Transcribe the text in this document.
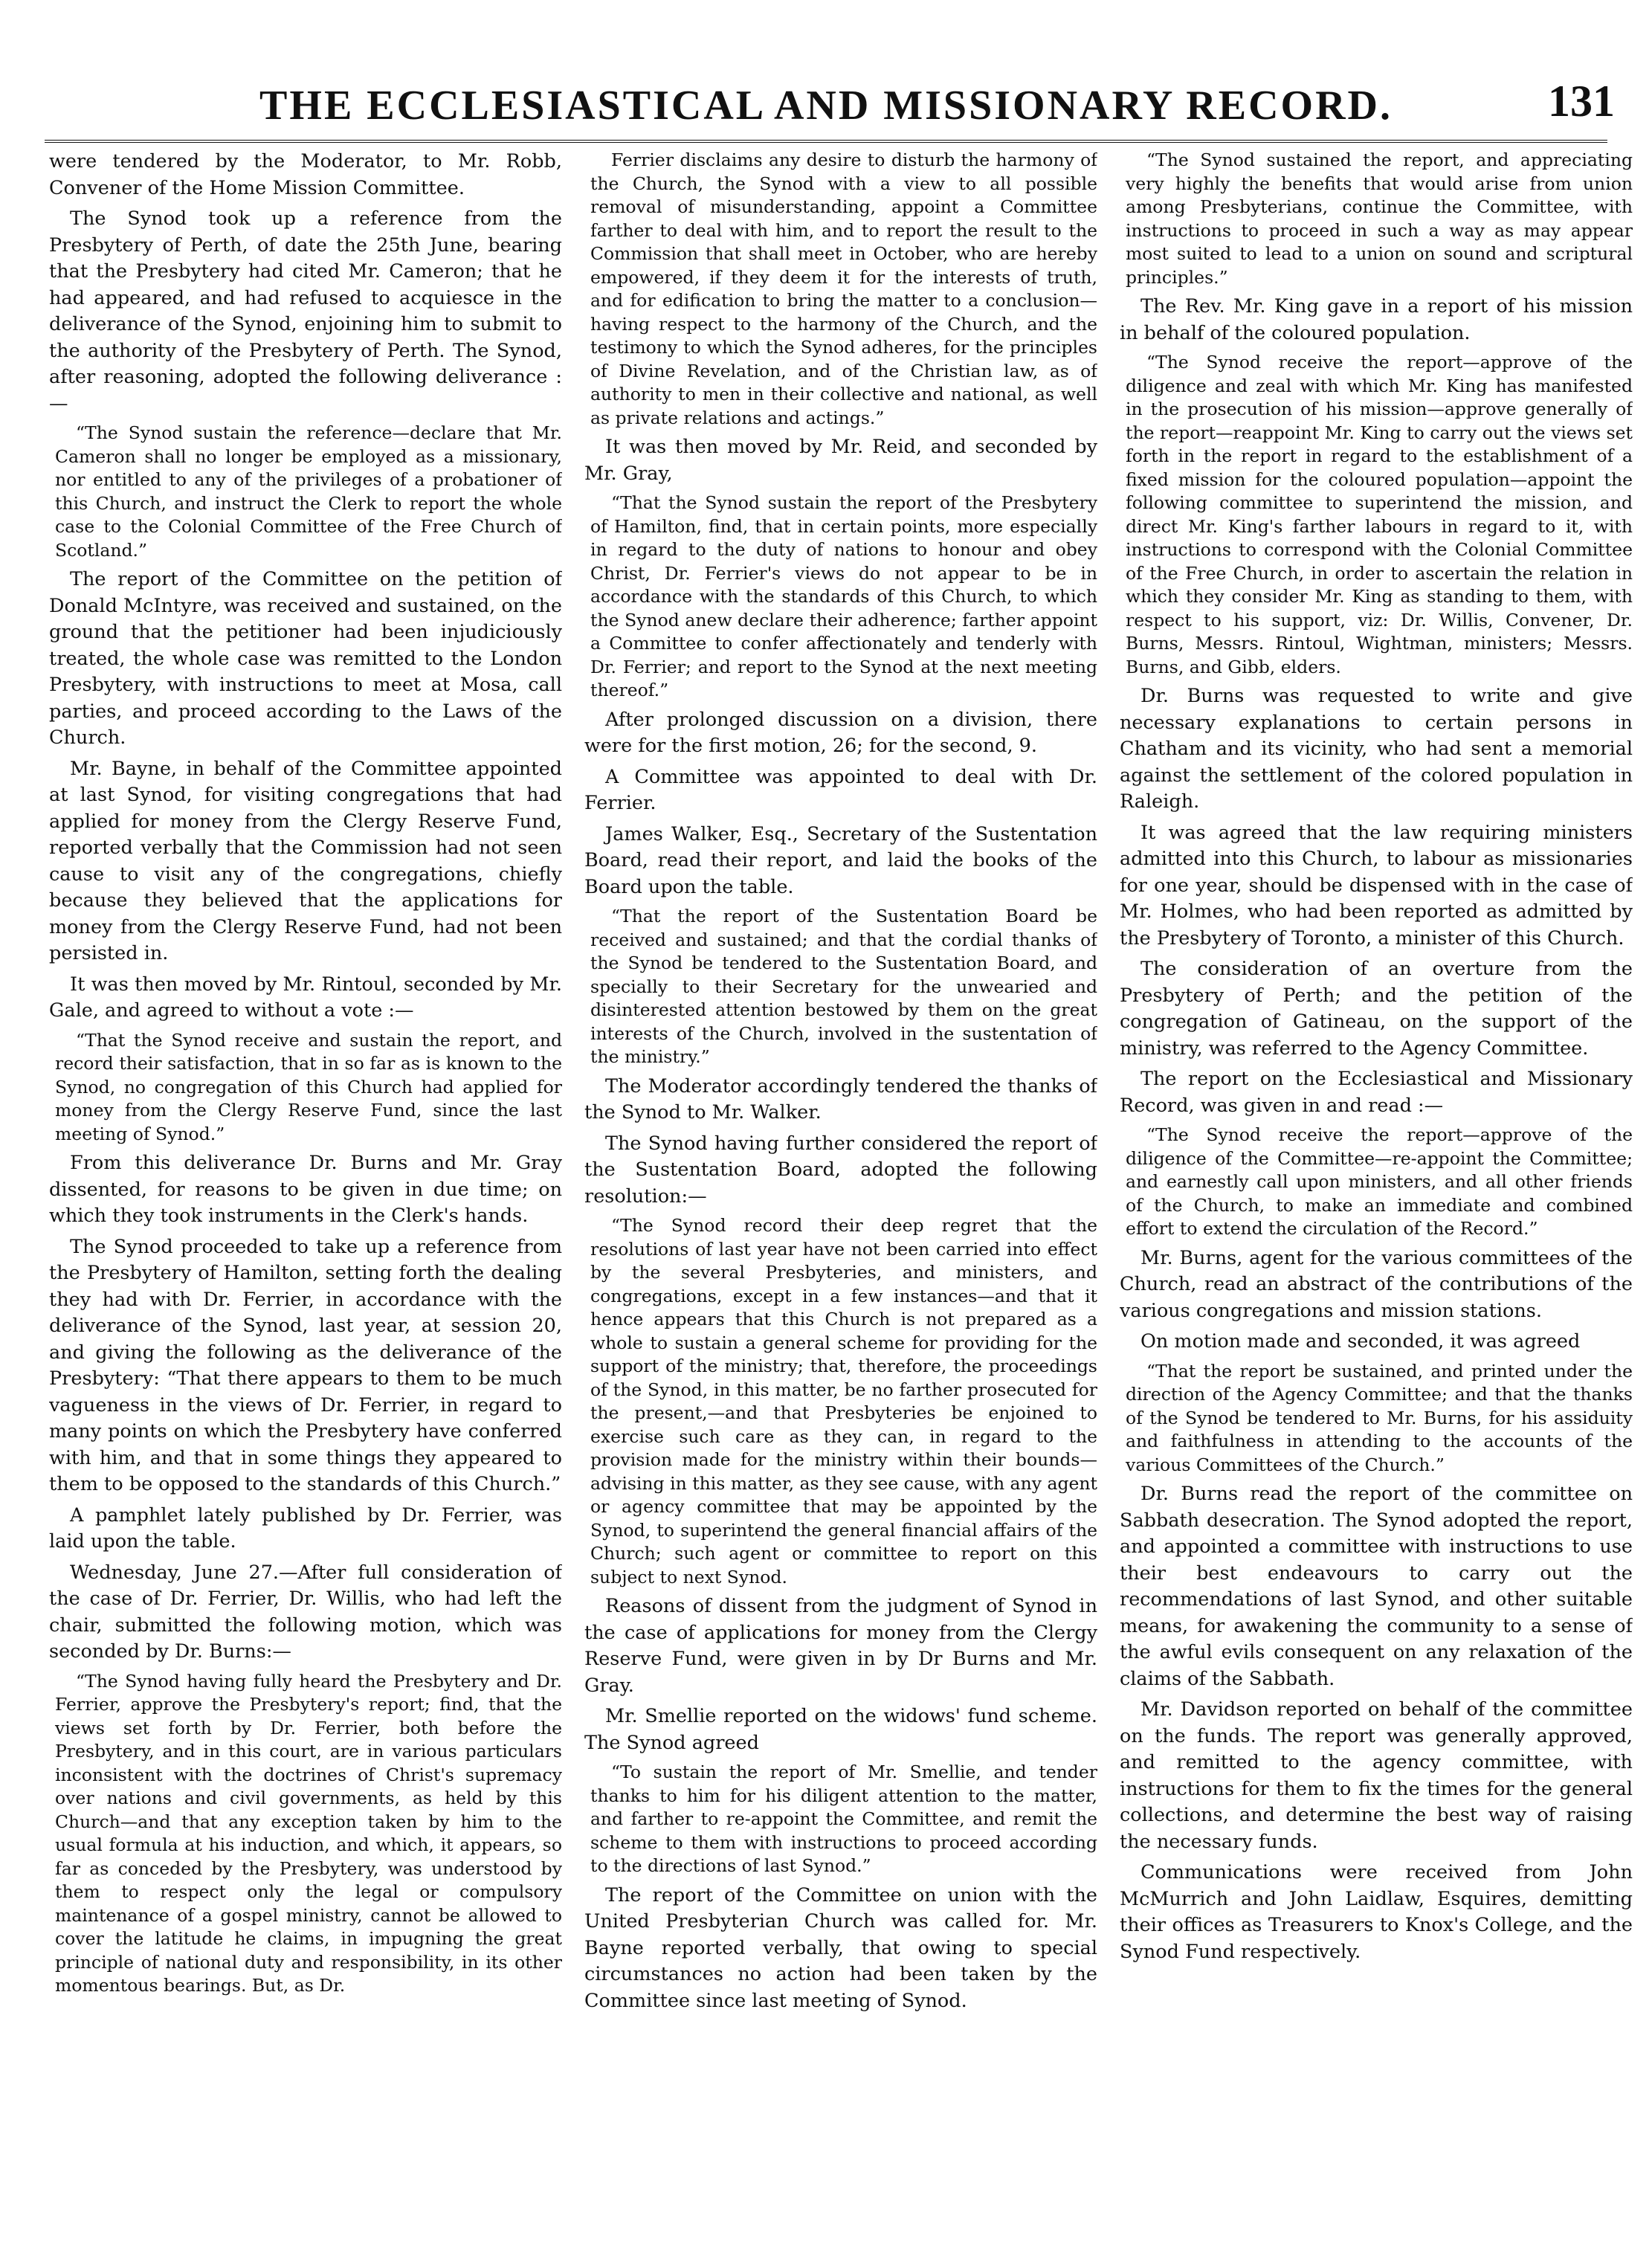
THE ECCLESIASTICAL AND MISSIONARY RECORD.	131

were tendered by the Moderator, to Mr. Robb, Convener of the Home Mission Committee.

The Synod took up a reference from the Presbytery of Perth, of date the 25th June, bearing that the Presbytery had cited Mr. Cameron; that he had appeared, and had refused to acquiesce in the deliverance of the Synod, enjoining him to submit to the authority of the Presbytery of Perth. The Synod, after reasoning, adopted the following deliverance :—

“The Synod sustain the reference—declare that Mr. Cameron shall no longer be employed as a missionary, nor entitled to any of the privileges of a probationer of this Church, and instruct the Clerk to report the whole case to the Colonial Committee of the Free Church of Scotland.”

The report of the Committee on the petition of Donald McIntyre, was received and sustained, on the ground that the petitioner had been injudiciously treated, the whole case was remitted to the London Presbytery, with instructions to meet at Mosa, call parties, and proceed according to the Laws of the Church.

Mr. Bayne, in behalf of the Committee appointed at last Synod, for visiting congregations that had applied for money from the Clergy Reserve Fund, reported verbally that the Commission had not seen cause to visit any of the congregations, chiefly because they believed that the applications for money from the Clergy Reserve Fund, had not been persisted in.

It was then moved by Mr. Rintoul, seconded by Mr. Gale, and agreed to without a vote :—

“That the Synod receive and sustain the report, and record their satisfaction, that in so far as is known to the Synod, no congregation of this Church had applied for money from the Clergy Reserve Fund, since the last meeting of Synod.”

From this deliverance Dr. Burns and Mr. Gray dissented, for reasons to be given in due time; on which they took instruments in the Clerk's hands.

The Synod proceeded to take up a reference from the Presbytery of Hamilton, setting forth the dealing they had with Dr. Ferrier, in accordance with the deliverance of the Synod, last year, at session 20, and giving the following as the deliverance of the Presbytery: “That there appears to them to be much vagueness in the views of Dr. Ferrier, in regard to many points on which the Presbytery have conferred with him, and that in some things they appeared to them to be opposed to the standards of this Church.”

A pamphlet lately published by Dr. Ferrier, was laid upon the table.

Wednesday, June 27.—After full consideration of the case of Dr. Ferrier, Dr. Willis, who had left the chair, submitted the following motion, which was seconded by Dr. Burns:—

“The Synod having fully heard the Presbytery and Dr. Ferrier, approve the Presbytery's report; find, that the views set forth by Dr. Ferrier, both before the Presbytery, and in this court, are in various particulars inconsistent with the doctrines of Christ's supremacy over nations and civil governments, as held by this Church—and that any exception taken by him to the usual formula at his induction, and which, it appears, so far as conceded by the Presbytery, was understood by them to respect only the legal or compulsory maintenance of a gospel ministry, cannot be allowed to cover the latitude he claims, in impugning the great principle of national duty and responsibility, in its other momentous bearings. But, as Dr.

Ferrier disclaims any desire to disturb the harmony of the Church, the Synod with a view to all possible removal of misunderstanding, appoint a Committee farther to deal with him, and to report the result to the Commission that shall meet in October, who are hereby empowered, if they deem it for the interests of truth, and for edification to bring the matter to a conclusion—having respect to the harmony of the Church, and the testimony to which the Synod adheres, for the principles of Divine Revelation, and of the Christian law, as of authority to men in their collective and national, as well as private relations and actings.”

It was then moved by Mr. Reid, and seconded by Mr. Gray,

“That the Synod sustain the report of the Presbytery of Hamilton, find, that in certain points, more especially in regard to the duty of nations to honour and obey Christ, Dr. Ferrier's views do not appear to be in accordance with the standards of this Church, to which the Synod anew declare their adherence; farther appoint a Committee to confer affectionately and tenderly with Dr. Ferrier; and report to the Synod at the next meeting thereof.”

After prolonged discussion on a division, there were for the first motion, 26; for the second, 9.

A Committee was appointed to deal with Dr. Ferrier.

James Walker, Esq., Secretary of the Sustentation Board, read their report, and laid the books of the Board upon the table.

“That the report of the Sustentation Board be received and sustained; and that the cordial thanks of the Synod be tendered to the Sustentation Board, and specially to their Secretary for the unwearied and disinterested attention bestowed by them on the great interests of the Church, involved in the sustentation of the ministry.”

The Moderator accordingly tendered the thanks of the Synod to Mr. Walker.

The Synod having further considered the report of the Sustentation Board, adopted the following resolution:—

“The Synod record their deep regret that the resolutions of last year have not been carried into effect by the several Presbyteries, and ministers, and congregations, except in a few instances—and that it hence appears that this Church is not prepared as a whole to sustain a general scheme for providing for the support of the ministry; that, therefore, the proceedings of the Synod, in this matter, be no farther prosecuted for the present,—and that Presbyteries be enjoined to exercise such care as they can, in regard to the provision made for the ministry within their bounds—advising in this matter, as they see cause, with any agent or agency committee that may be appointed by the Synod, to superintend the general financial affairs of the Church; such agent or committee to report on this subject to next Synod.

Reasons of dissent from the judgment of Synod in the case of applications for money from the Clergy Reserve Fund, were given in by Dr Burns and Mr. Gray.

Mr. Smellie reported on the widows' fund scheme. The Synod agreed

“To sustain the report of Mr. Smellie, and tender thanks to him for his diligent attention to the matter, and farther to re-appoint the Committee, and remit the scheme to them with instructions to proceed according to the directions of last Synod.”

The report of the Committee on union with the United Presbyterian Church was called for. Mr. Bayne reported verbally, that owing to special circumstances no action had been taken by the Committee since last meeting of Synod.

“The Synod sustained the report, and appreciating very highly the benefits that would arise from union among Presbyterians, continue the Committee, with instructions to proceed in such a way as may appear most suited to lead to a union on sound and scriptural principles.”

The Rev. Mr. King gave in a report of his mission in behalf of the coloured population.

“The Synod receive the report—approve of the diligence and zeal with which Mr. King has manifested in the prosecution of his mission—approve generally of the report—reappoint Mr. King to carry out the views set forth in the report in regard to the establishment of a fixed mission for the coloured population—appoint the following committee to superintend the mission, and direct Mr. King's farther labours in regard to it, with instructions to correspond with the Colonial Committee of the Free Church, in order to ascertain the relation in which they consider Mr. King as standing to them, with respect to his support, viz: Dr. Willis, Convener, Dr. Burns, Messrs. Rintoul, Wightman, ministers; Messrs. Burns, and Gibb, elders.

Dr. Burns was requested to write and give necessary explanations to certain persons in Chatham and its vicinity, who had sent a memorial against the settlement of the colored population in Raleigh.

It was agreed that the law requiring ministers admitted into this Church, to labour as missionaries for one year, should be dispensed with in the case of Mr. Holmes, who had been reported as admitted by the Presbytery of Toronto, a minister of this Church.

The consideration of an overture from the Presbytery of Perth; and the petition of the congregation of Gatineau, on the support of the ministry, was referred to the Agency Committee.

The report on the Ecclesiastical and Missionary Record, was given in and read :—

“The Synod receive the report—approve of the diligence of the Committee—re-appoint the Committee; and earnestly call upon ministers, and all other friends of the Church, to make an immediate and combined effort to extend the circulation of the Record.”

Mr. Burns, agent for the various committees of the Church, read an abstract of the contributions of the various congregations and mission stations.

On motion made and seconded, it was agreed

“That the report be sustained, and printed under the direction of the Agency Committee; and that the thanks of the Synod be tendered to Mr. Burns, for his assiduity and faithfulness in attending to the accounts of the various Committees of the Church.”

Dr. Burns read the report of the committee on Sabbath desecration. The Synod adopted the report, and appointed a committee with instructions to use their best endeavours to carry out the recommendations of last Synod, and other suitable means, for awakening the community to a sense of the awful evils consequent on any relaxation of the claims of the Sabbath.

Mr. Davidson reported on behalf of the committee on the funds. The report was generally approved, and remitted to the agency committee, with instructions for them to fix the times for the general collections, and determine the best way of raising the necessary funds.

Communications were received from John McMurrich and John Laidlaw, Esquires, demitting their offices as Treasurers to Knox's College, and the Synod Fund respectively.
